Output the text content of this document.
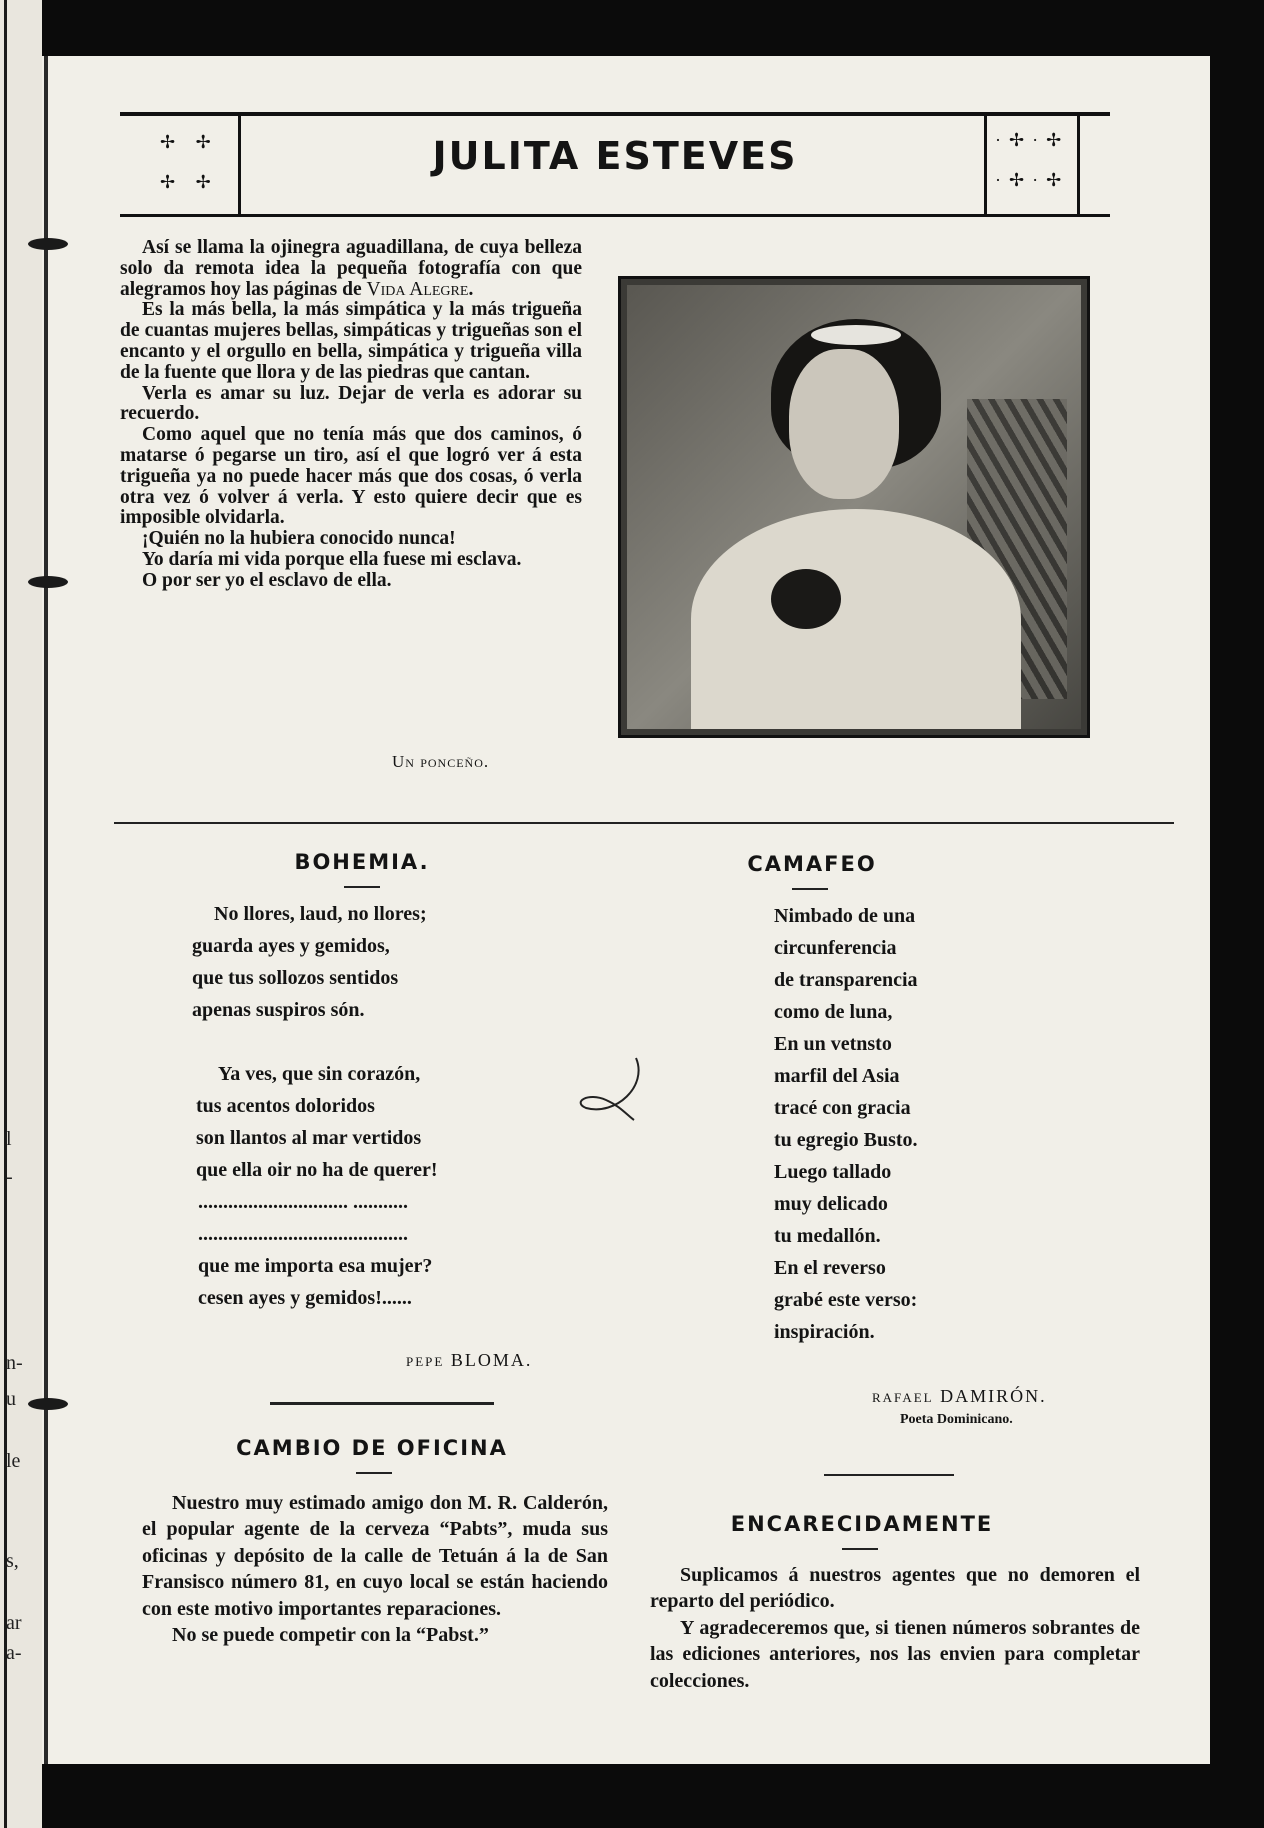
l
-
n-
u
le
s,
ar
a-
✢ ✢
✢ ✢
JULITA ESTEVES	·✢·✢
·✢·✢

Así se llama la ojinegra aguadillana, de cuya belleza solo da remota idea la pequeña fotografía con que alegramos hoy las páginas de Vida Alegre.

Es la más bella, la más simpática y la más trigueña de cuantas mujeres bellas, simpáticas y trigueñas son el encanto y el orgullo en bella, simpática y trigueña villa de la fuente que llora y de las piedras que cantan.

Verla es amar su luz. Dejar de verla es adorar su recuerdo.

Como aquel que no tenía más que dos caminos, ó matarse ó pegarse un tiro, así el que logró ver á esta trigueña ya no puede hacer más que dos cosas, ó verla otra vez ó volver á verla. Y esto quiere decir que es imposible olvidarla.

¡Quién no la hubiera conocido nunca!

Yo daría mi vida porque ella fuese mi esclava.

O por ser yo el esclavo de ella.

Un ponceño.
BOHEMIA.
No llores, laud, no llores;
guarda ayes y gemidos,
que tus sollozos sentidos
apenas suspiros són.
Ya ves, que sin corazón,
tus acentos doloridos
son llantos al mar vertidos
que ella oir no ha de querer!
.............................. ...........
..........................................
que me importa esa mujer?
cesen ayes y gemidos!......
PEPE BLOMA.
CAMAFEO
Nimbado de una
circunferencia
de transparencia
como de luna,
En un vetnsto
marfil del Asia
tracé con gracia
tu egregio Busto.
Luego tallado
muy delicado
tu medallón.
En el reverso
grabé este verso:
inspiración.
RAFAEL DAMIRÓN.
Poeta Dominicano.
CAMBIO DE OFICINA

Nuestro muy estimado amigo don M. R. Calderón, el popular agente de la cerveza “Pabts”, muda sus oficinas y depósito de la calle de Tetuán á la de San Fransisco número 81, en cuyo local se están haciendo con este motivo importantes reparaciones.

No se puede competir con la “Pabst.”

ENCARECIDAMENTE

Suplicamos á nuestros agentes que no demoren el reparto del periódico.

Y agradeceremos que, si tienen números sobrantes de las ediciones anteriores, nos las envien para completar colecciones.
